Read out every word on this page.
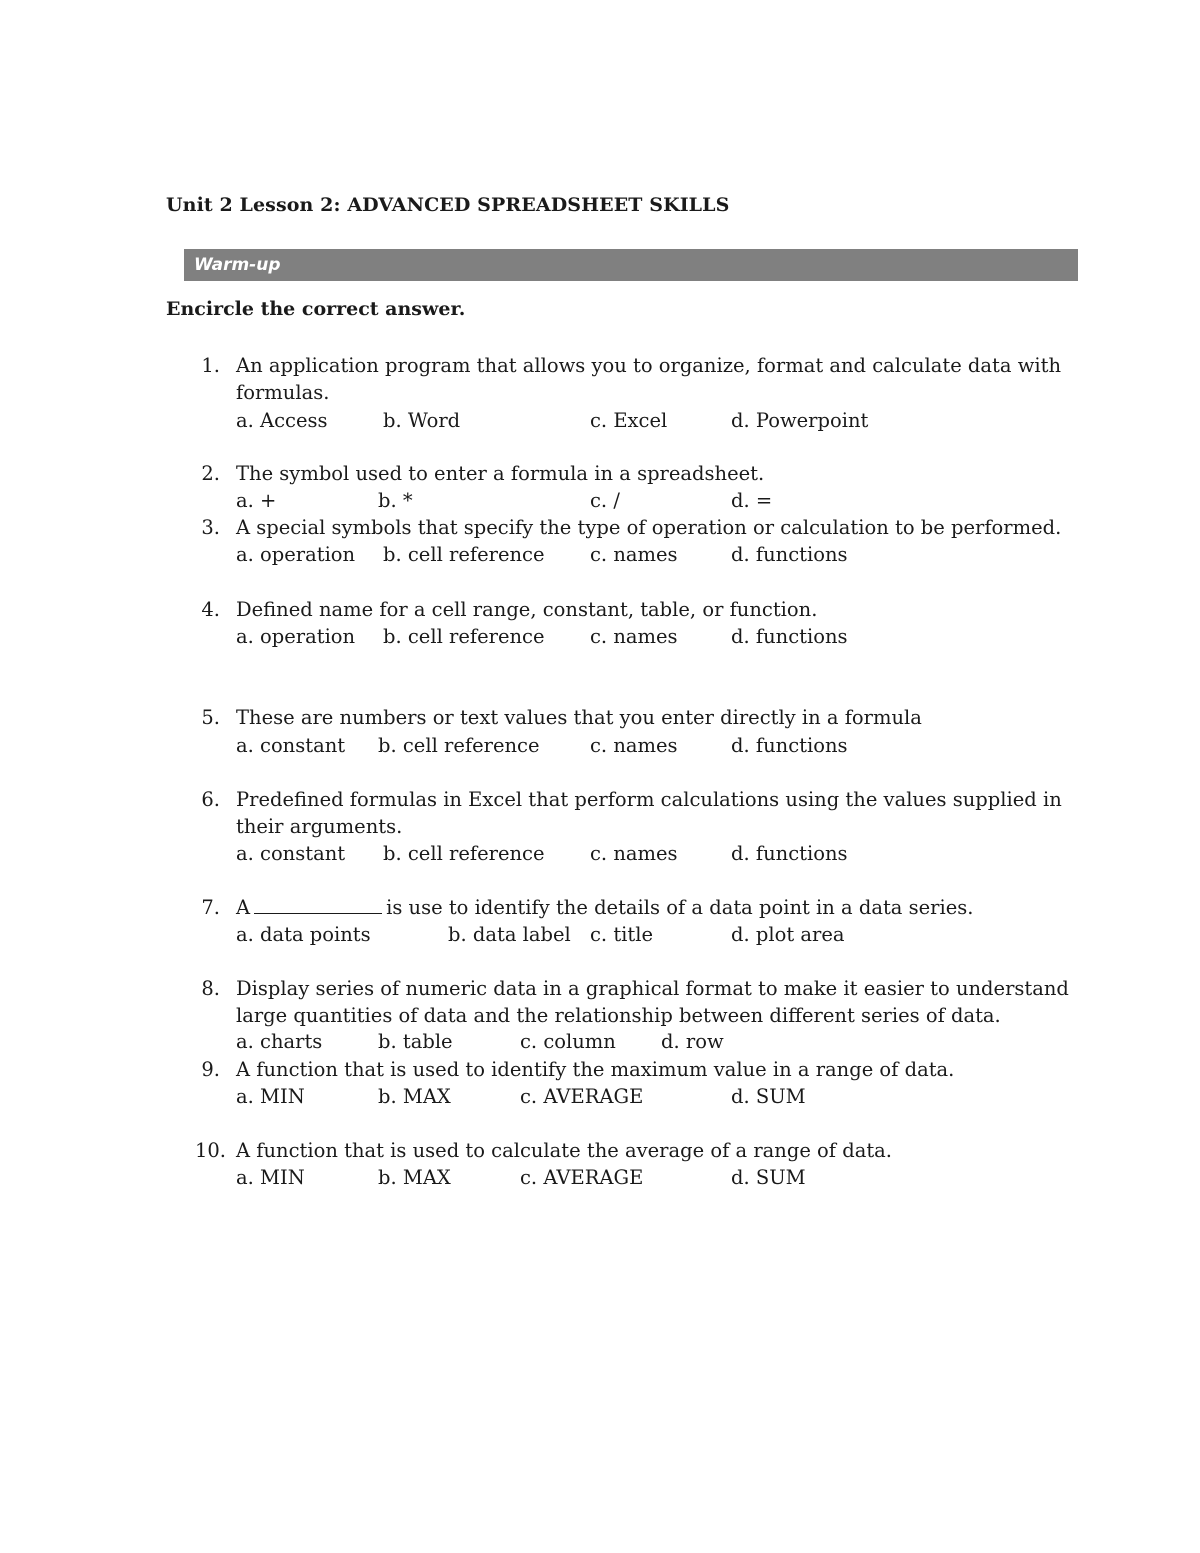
Unit 2 Lesson 2: ADVANCED SPREADSHEET SKILLS
Warm-up
Encircle the correct answer.
1. An application program that allows you to organize, format and calculate data with
formulas.
a. Access	b. Word	c. Excel	d. Powerpoint
2. The symbol used to enter a formula in a spreadsheet.
a. +	b. *	c. /	d. =
3. A special symbols that specify the type of operation or calculation to be performed.
a. operation b. cell reference c. names	d. functions
4. Defined name for a cell range, constant, table, or function.
a. operation b. cell reference c. names	d. functions
5. These are numbers or text values that you enter directly in a formula
a. constant b. cell reference	c. names	d. functions
6. Predefined formulas in Excel that perform calculations using the values supplied in
their arguments.
a. constant b. cell reference c. names	d. functions
7. A	is use to identify the details of a data point in a data series.
a. data points	b. data label c. title	d. plot area
8. Display series of numeric data in a graphical format to make it easier to understand
large quantities of data and the relationship between different series of data.
a. charts	b. table	c. column d. row
9. A function that is used to identify the maximum value in a range of data.
a. MIN	b. MAX	c. AVERAGE	d. SUM
10. A function that is used to calculate the average of a range of data.
a. MIN	b. MAX	c. AVERAGE	d. SUM
